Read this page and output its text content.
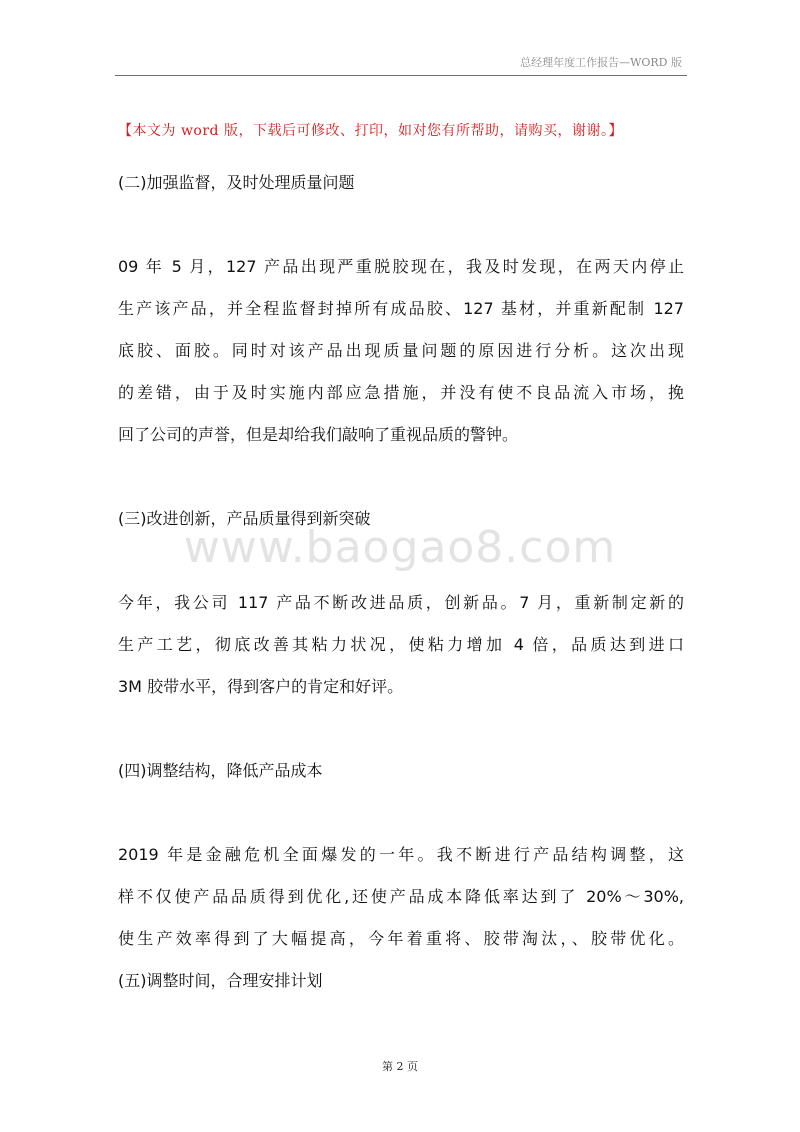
总经理年度工作报告—WORD 版
【本文为 word 版，下载后可修改、打印，如对您有所帮助，请购买，谢谢。】
(二)加强监督，及时处理质量问题
09 年 5 月，127 产品出现严重脱胶现在，我及时发现，在两天内停止
生产该产品，并全程监督封掉所有成品胶、127 基材，并重新配制 127
底胶、面胶。同时对该产品出现质量问题的原因进行分析。这次出现
的差错，由于及时实施内部应急措施，并没有使不良品流入市场，挽
回了公司的声誉，但是却给我们敲响了重视品质的警钟。
(三)改进创新，产品质量得到新突破
www.baogao8.com
今年，我公司 117 产品不断改进品质，创新品。7 月，重新制定新的
生产工艺，彻底改善其粘力状况，使粘力增加 4 倍，品质达到进口
3M 胶带水平，得到客户的肯定和好评。
(四)调整结构，降低产品成本
2019 年是金融危机全面爆发的一年。我不断进行产品结构调整，这
样不仅使产品品质得到优化,还使产品成本降低率达到了 20%～30%,
使生产效率得到了大幅提高，今年着重将、胶带淘汰，、胶带优化。
(五)调整时间，合理安排计划
第 2 页
